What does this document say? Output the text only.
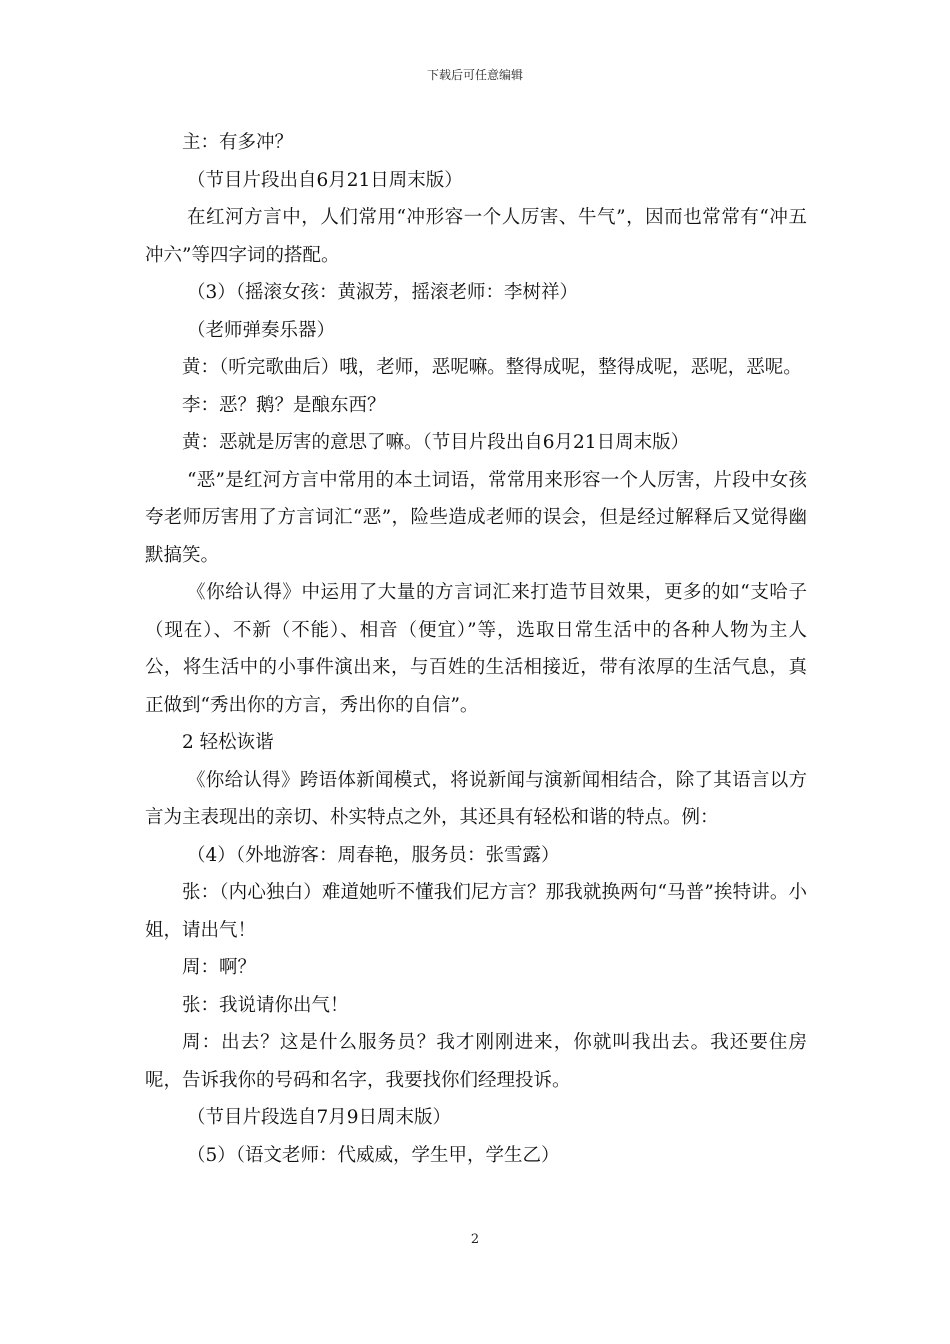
下载后可任意编辑

主：有多冲？

（节目片段出自6月21日周末版）

在红河方言中，人们常用“冲形容一个人厉害、牛气”，因而也常常有“冲五冲六”等四字词的搭配。

（3）（摇滚女孩：黄淑芳，摇滚老师：李树祥）

（老师弹奏乐器）

黄：（听完歌曲后）哦，老师，恶呢嘛。整得成呢，整得成呢，恶呢，恶呢。

李：恶？鹅？是酿东西？

黄：恶就是厉害的意思了嘛。（节目片段出自6月21日周末版）

“恶”是红河方言中常用的本土词语，常常用来形容一个人厉害，片段中女孩夸老师厉害用了方言词汇“恶”，险些造成老师的误会，但是经过解释后又觉得幽默搞笑。

《你给认得》中运用了大量的方言词汇来打造节目效果，更多的如“支哈子（现在）、不新（不能）、相音（便宜）”等，选取日常生活中的各种人物为主人公，将生活中的小事件演出来，与百姓的生活相接近，带有浓厚的生活气息，真正做到“秀出你的方言，秀出你的自信”。

2 轻松诙谐

《你给认得》跨语体新闻模式，将说新闻与演新闻相结合，除了其语言以方言为主表现出的亲切、朴实特点之外，其还具有轻松和谐的特点。例：

（4）（外地游客：周春艳，服务员：张雪露）

张：（内心独白）难道她听不懂我们尼方言？那我就换两句“马普”挨特讲。小姐，请出气！

周：啊？

张：我说请你出气！

周：出去？这是什么服务员？我才刚刚进来，你就叫我出去。我还要住房呢，告诉我你的号码和名字，我要找你们经理投诉。

（节目片段选自7月9日周末版）

（5）（语文老师：代威威，学生甲，学生乙）

2
